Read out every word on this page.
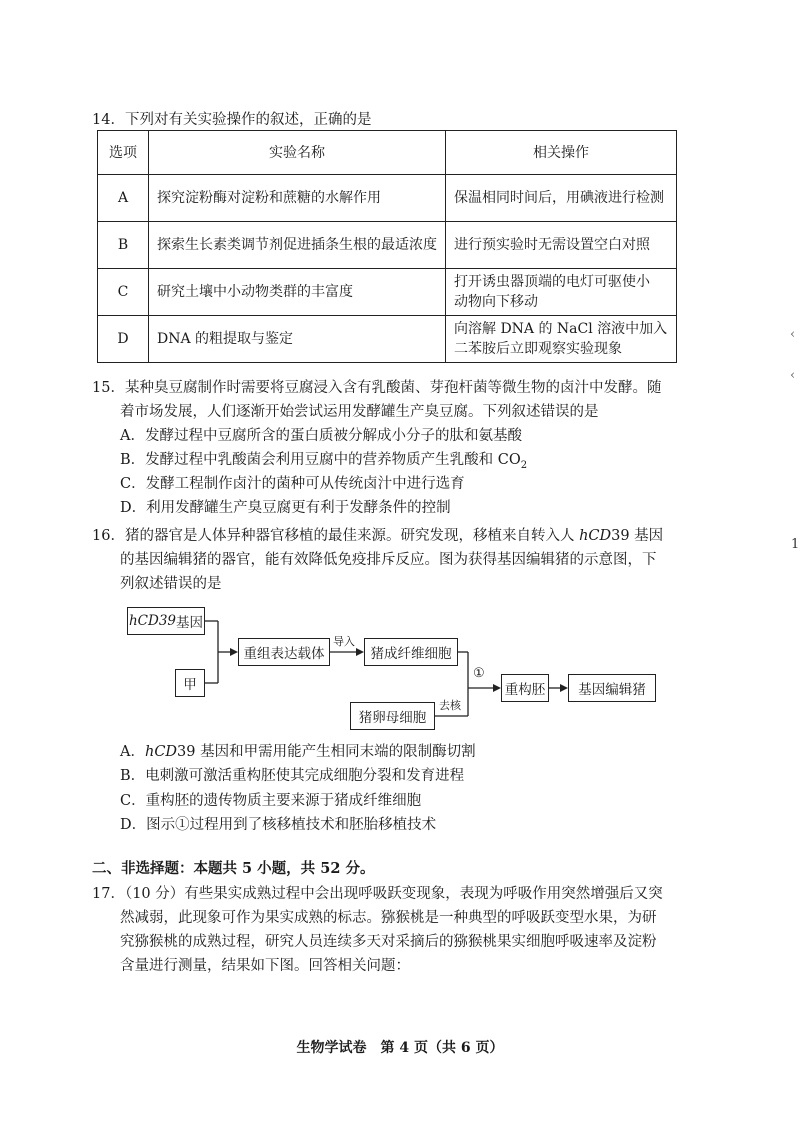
14．下列对有关实验操作的叙述，正确的是
选项	实验名称	相关操作
A	探究淀粉酶对淀粉和蔗糖的水解作用	保温相同时间后，用碘液进行检测

B	探索生长素类调节剂促进插条生根的最适浓度	进行预实验时无需设置空白对照

C	研究土壤中小动物类群的丰富度	打开诱虫器顶端的电灯可驱使小
动物向下移动

D	DNA 的粗提取与鉴定	向溶解 DNA 的 NaCl 溶液中加入
二苯胺后立即观察实验现象
15．某种臭豆腐制作时需要将豆腐浸入含有乳酸菌、芽孢杆菌等微生物的卤汁中发酵。随
着市场发展，人们逐渐开始尝试运用发酵罐生产臭豆腐。下列叙述错误的是
A．发酵过程中豆腐所含的蛋白质被分解成小分子的肽和氨基酸
B．发酵过程中乳酸菌会利用豆腐中的营养物质产生乳酸和 $CO_2$
C．发酵工程制作卤汁的菌种可从传统卤汁中进行选育
D．利用发酵罐生产臭豆腐更有利于发酵条件的控制
16．猪的器官是人体异种器官移植的最佳来源。研究发现，移植来自转入人 hCD39 基因
的基因编辑猪的器官，能有效降低免疫排斥反应。图为获得基因编辑猪的示意图，下
列叙述错误的是
hCD39 基因
甲
重组表达载体
导入
猪成纤维细胞
①
猪卵母细胞
去核
重构胚	基因编辑猪
A．hCD39 基因和甲需用能产生相同末端的限制酶切割
B．电刺激可激活重构胚使其完成细胞分裂和发育进程
C．重构胚的遗传物质主要来源于猪成纤维细胞
D．图示①过程用到了核移植技术和胚胎移植技术
二、非选择题：本题共 5 小题，共 52 分。
17．（10 分）有些果实成熟过程中会出现呼吸跃变现象，表现为呼吸作用突然增强后又突
然减弱，此现象可作为果实成熟的标志。猕猴桃是一种典型的呼吸跃变型水果，为研
究猕猴桃的成熟过程，研究人员连续多天对采摘后的猕猴桃果实细胞呼吸速率及淀粉
含量进行测量，结果如下图。回答相关问题：
‹
‹
1
生物学试卷　第 4 页（共 6 页）
